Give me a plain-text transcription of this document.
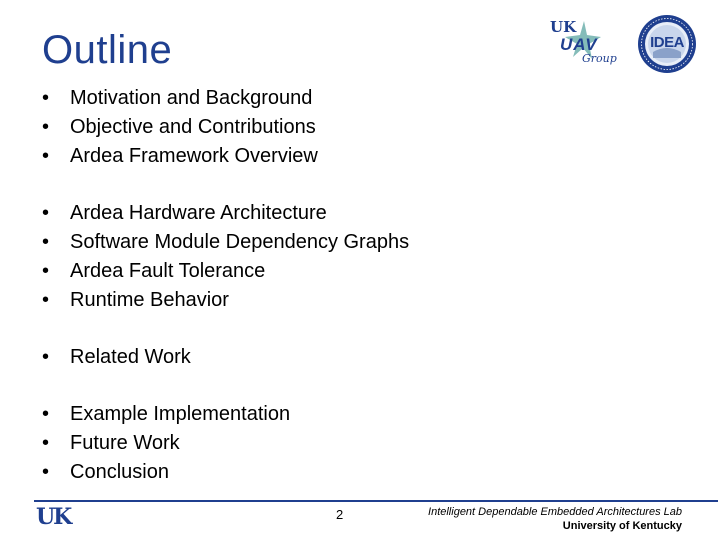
Outline
UK
UAV
Group
IDEA
• Motivation and Background
• Objective and Contributions
• Ardea Framework Overview
• Ardea Hardware Architecture
• Software Module Dependency Graphs
• Ardea Fault Tolerance
• Runtime Behavior
• Related Work
• Example Implementation
• Future Work
• Conclusion
UK	2	Intelligent Dependable Embedded Architectures Lab
University of Kentucky
